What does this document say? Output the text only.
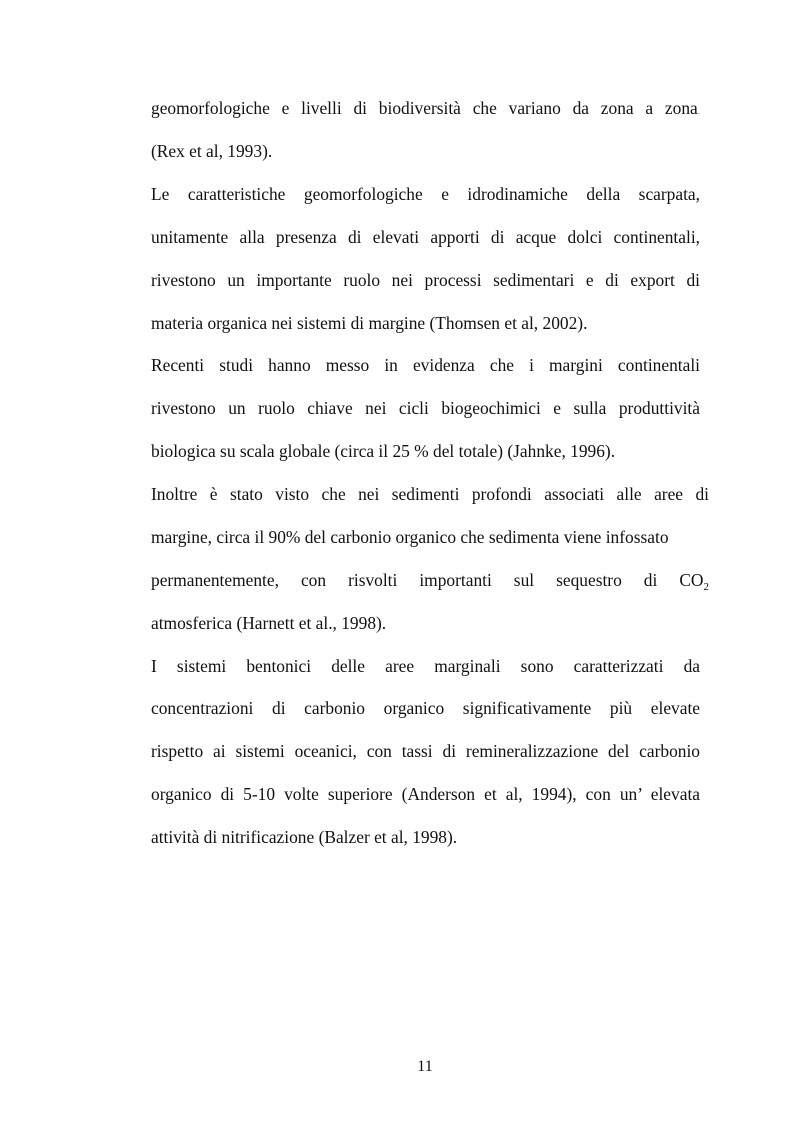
geomorfologiche e livelli di biodiversità che variano da zona a zona.

(Rex et al, 1993).

Le caratteristiche geomorfologiche e idrodinamiche della scarpata,

unitamente alla presenza di elevati apporti di acque dolci continentali,

rivestono un importante ruolo nei processi sedimentari e di export di

materia organica nei sistemi di margine (Thomsen et al, 2002).

Recenti studi hanno messo in evidenza che i margini continentali

rivestono un ruolo chiave nei cicli biogeochimici e sulla produttività

biologica su scala globale (circa il 25 % del totale) (Jahnke, 1996).

Inoltre è stato visto che nei sedimenti profondi associati alle aree di

margine, circa il 90% del carbonio organico che sedimenta viene infossato

permanentemente, con risvolti importanti sul sequestro di $CO_2$

atmosferica (Harnett et al., 1998).

I sistemi bentonici delle aree marginali sono caratterizzati da

concentrazioni di carbonio organico significativamente più elevate

rispetto ai sistemi oceanici, con tassi di remineralizzazione del carbonio

organico di 5-10 volte superiore (Anderson et al, 1994), con un’ elevata

attività di nitrificazione (Balzer et al, 1998).

11
